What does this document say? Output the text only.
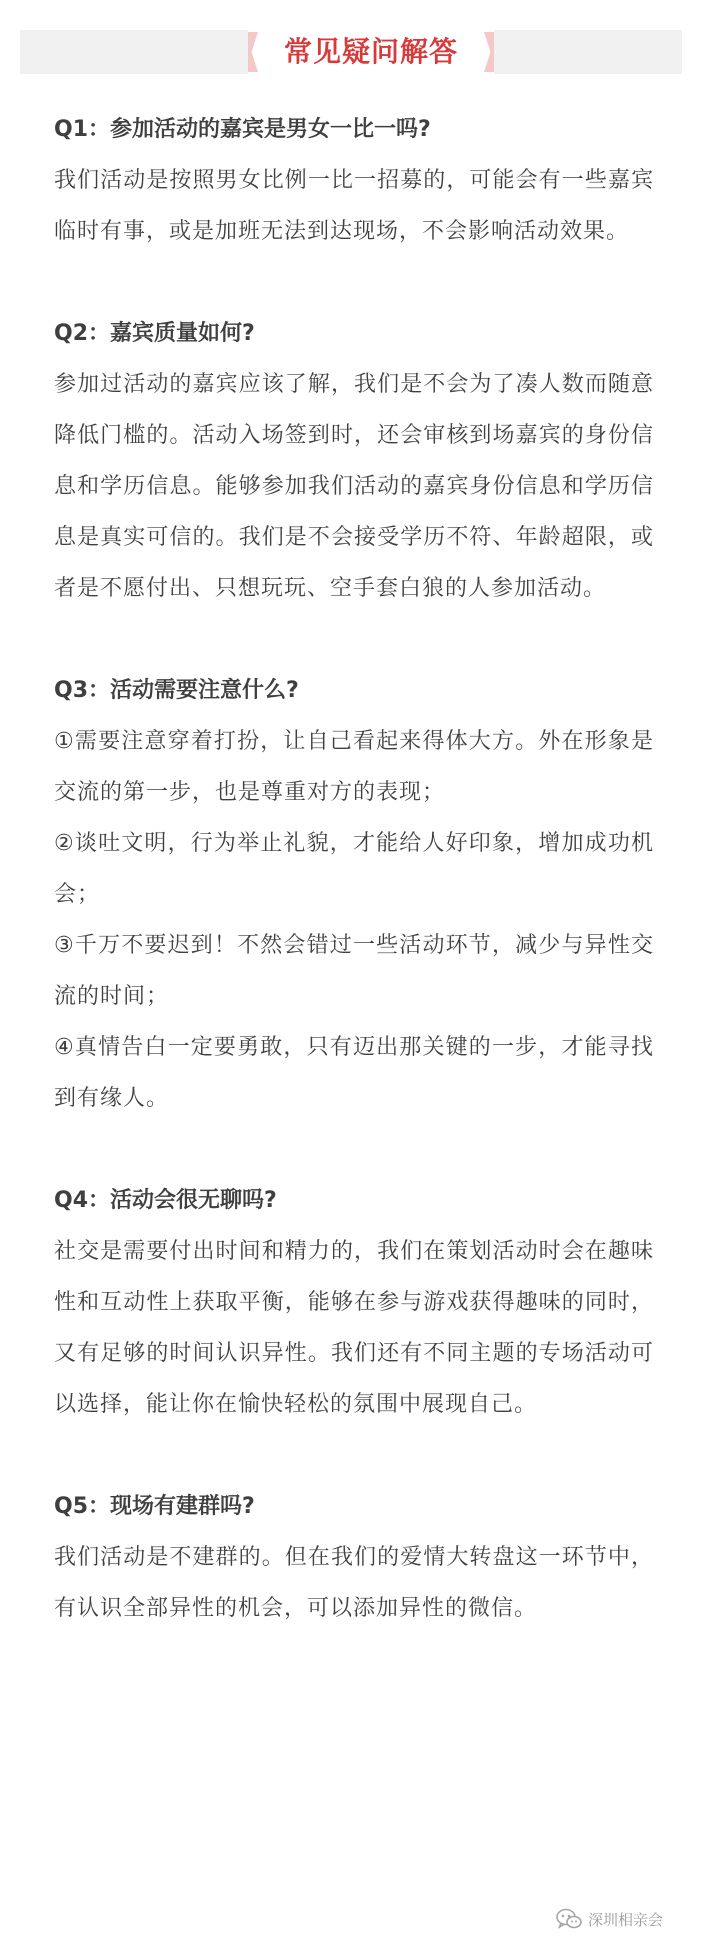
常见疑问解答
Q1：参加活动的嘉宾是男女一比一吗?

我们活动是按照男女比例一比一招募的，可能会有一些嘉宾临时有事，或是加班无法到达现场，不会影响活动效果。

Q2：嘉宾质量如何?

参加过活动的嘉宾应该了解，我们是不会为了凑人数而随意降低门槛的。活动入场签到时，还会审核到场嘉宾的身份信息和学历信息。能够参加我们活动的嘉宾身份信息和学历信息是真实可信的。我们是不会接受学历不符、年龄超限，或者是不愿付出、只想玩玩、空手套白狼的人参加活动。

Q3：活动需要注意什么?

①需要注意穿着打扮，让自己看起来得体大方。外在形象是交流的第一步，也是尊重对方的表现；

②谈吐文明，行为举止礼貌，才能给人好印象，增加成功机会；

③千万不要迟到！不然会错过一些活动环节，减少与异性交流的时间；

④真情告白一定要勇敢，只有迈出那关键的一步，才能寻找到有缘人。

Q4：活动会很无聊吗?

社交是需要付出时间和精力的，我们在策划活动时会在趣味性和互动性上获取平衡，能够在参与游戏获得趣味的同时，又有足够的时间认识异性。我们还有不同主题的专场活动可以选择，能让你在愉快轻松的氛围中展现自己。

Q5：现场有建群吗?

我们活动是不建群的。但在我们的爱情大转盘这一环节中，有认识全部异性的机会，可以添加异性的微信。

深圳相亲会
